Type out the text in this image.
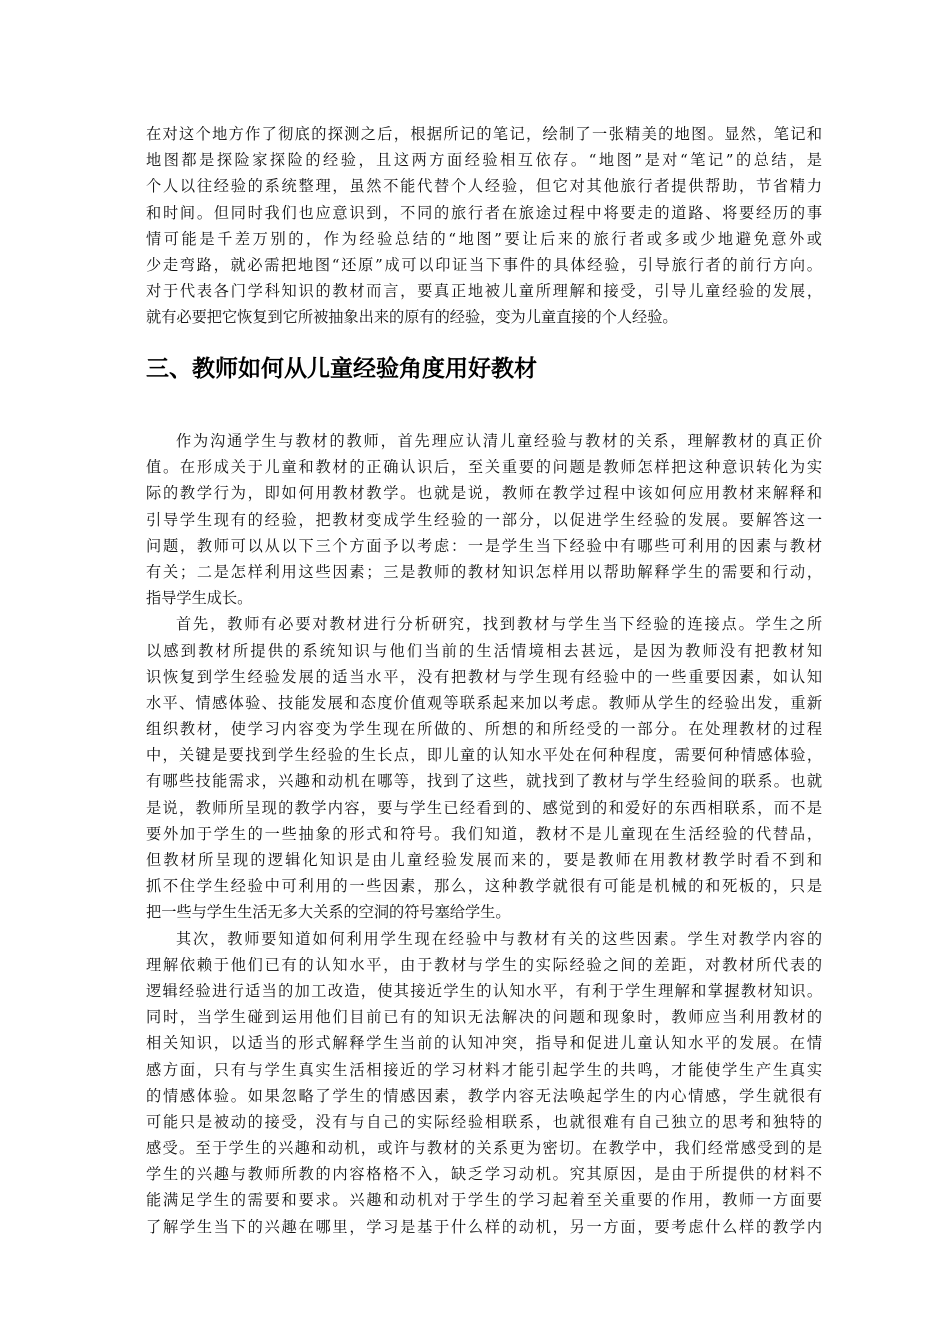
在对这个地方作了彻底的探测之后，根据所记的笔记，绘制了一张精美的地图。显然，笔记和
地图都是探险家探险的经验，且这两方面经验相互依存。“地图”是对“笔记”的总结，是
个人以往经验的系统整理，虽然不能代替个人经验，但它对其他旅行者提供帮助，节省精力
和时间。但同时我们也应意识到，不同的旅行者在旅途过程中将要走的道路、将要经历的事
情可能是千差万别的，作为经验总结的“地图”要让后来的旅行者或多或少地避免意外或
少走弯路，就必需把地图“还原”成可以印证当下事件的具体经验，引导旅行者的前行方向。
对于代表各门学科知识的教材而言，要真正地被儿童所理解和接受，引导儿童经验的发展，
就有必要把它恢复到它所被抽象出来的原有的经验，变为儿童直接的个人经验。
三、教师如何从儿童经验角度用好教材
作为沟通学生与教材的教师，首先理应认清儿童经验与教材的关系，理解教材的真正价
值。在形成关于儿童和教材的正确认识后，至关重要的问题是教师怎样把这种意识转化为实
际的教学行为，即如何用教材教学。也就是说，教师在教学过程中该如何应用教材来解释和
引导学生现有的经验，把教材变成学生经验的一部分，以促进学生经验的发展。要解答这一
问题，教师可以从以下三个方面予以考虑：一是学生当下经验中有哪些可利用的因素与教材
有关；二是怎样利用这些因素；三是教师的教材知识怎样用以帮助解释学生的需要和行动，
指导学生成长。
首先，教师有必要对教材进行分析研究，找到教材与学生当下经验的连接点。学生之所
以感到教材所提供的系统知识与他们当前的生活情境相去甚远，是因为教师没有把教材知
识恢复到学生经验发展的适当水平，没有把教材与学生现有经验中的一些重要因素，如认知
水平、情感体验、技能发展和态度价值观等联系起来加以考虑。教师从学生的经验出发，重新
组织教材，使学习内容变为学生现在所做的、所想的和所经受的一部分。在处理教材的过程
中，关键是要找到学生经验的生长点，即儿童的认知水平处在何种程度，需要何种情感体验，
有哪些技能需求，兴趣和动机在哪等，找到了这些，就找到了教材与学生经验间的联系。也就
是说，教师所呈现的教学内容，要与学生已经看到的、感觉到的和爱好的东西相联系，而不是
要外加于学生的一些抽象的形式和符号。我们知道，教材不是儿童现在生活经验的代替品，
但教材所呈现的逻辑化知识是由儿童经验发展而来的，要是教师在用教材教学时看不到和
抓不住学生经验中可利用的一些因素，那么，这种教学就很有可能是机械的和死板的，只是
把一些与学生生活无多大关系的空洞的符号塞给学生。
其次，教师要知道如何利用学生现在经验中与教材有关的这些因素。学生对教学内容的
理解依赖于他们已有的认知水平，由于教材与学生的实际经验之间的差距，对教材所代表的
逻辑经验进行适当的加工改造，使其接近学生的认知水平，有利于学生理解和掌握教材知识。
同时，当学生碰到运用他们目前已有的知识无法解决的问题和现象时，教师应当利用教材的
相关知识，以适当的形式解释学生当前的认知冲突，指导和促进儿童认知水平的发展。在情
感方面，只有与学生真实生活相接近的学习材料才能引起学生的共鸣，才能使学生产生真实
的情感体验。如果忽略了学生的情感因素，教学内容无法唤起学生的内心情感，学生就很有
可能只是被动的接受，没有与自己的实际经验相联系，也就很难有自己独立的思考和独特的
感受。至于学生的兴趣和动机，或许与教材的关系更为密切。在教学中，我们经常感受到的是
学生的兴趣与教师所教的内容格格不入，缺乏学习动机。究其原因，是由于所提供的材料不
能满足学生的需要和要求。兴趣和动机对于学生的学习起着至关重要的作用，教师一方面要
了解学生当下的兴趣在哪里，学习是基于什么样的动机，另一方面，要考虑什么样的教学内
